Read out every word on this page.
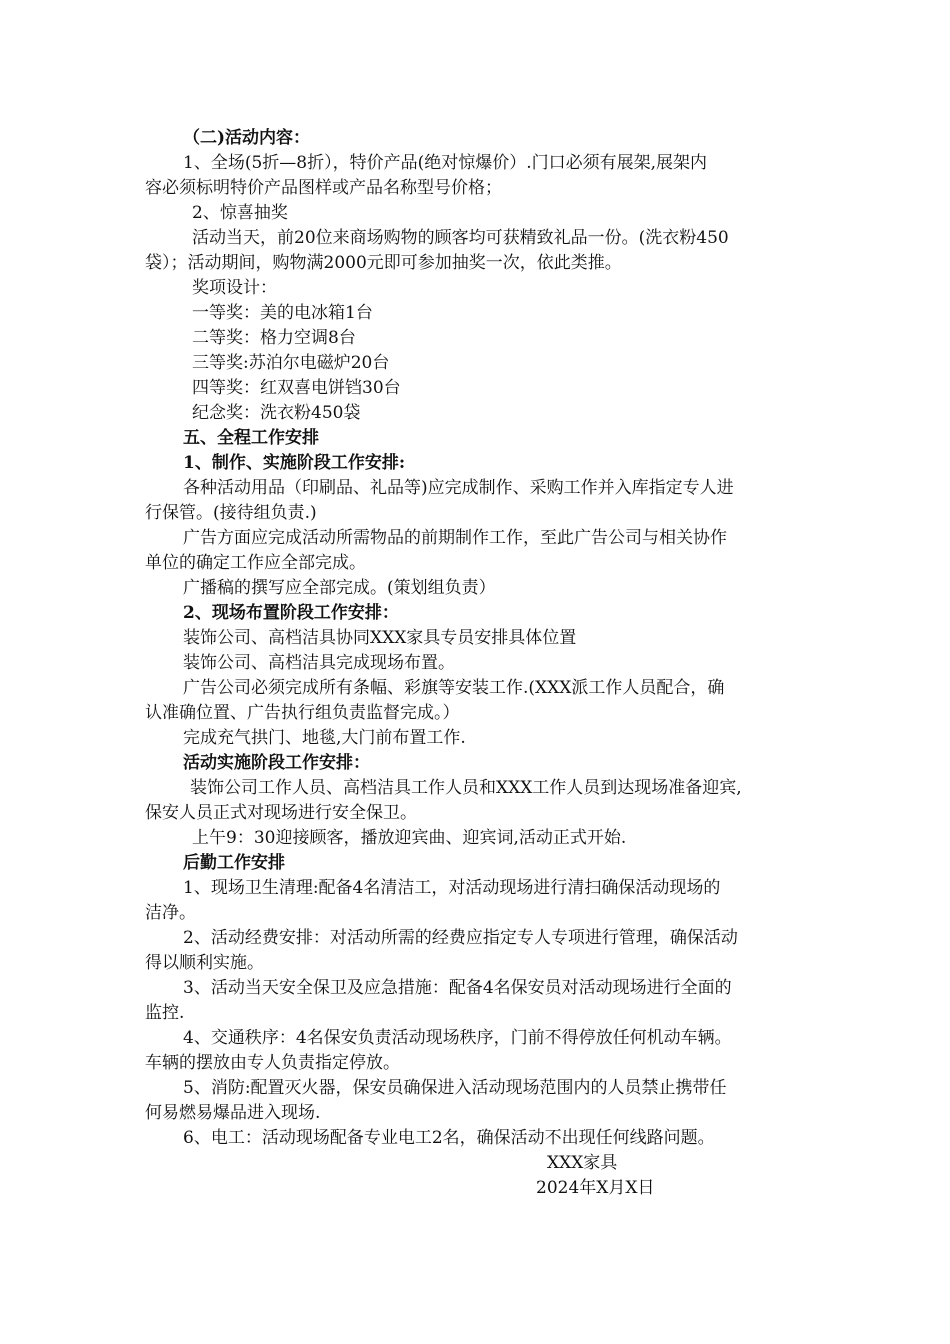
（二)活动内容：
1、全场(5折—8折），特价产品(绝对惊爆价）.门口必须有展架,展架内
容必须标明特价产品图样或产品名称型号价格；
2、惊喜抽奖
活动当天，前20位来商场购物的顾客均可获精致礼品一份。(洗衣粉450
袋）；活动期间，购物满2000元即可参加抽奖一次，依此类推。
奖项设计：
一等奖：美的电冰箱1台
二等奖：格力空调8台
三等奖:苏泊尔电磁炉20台
四等奖：红双喜电饼铛30台
纪念奖：洗衣粉450袋
五、全程工作安排
1、制作、实施阶段工作安排:
各种活动用品（印刷品、礼品等)应完成制作、采购工作并入库指定专人进
行保管。(接待组负责.)
广告方面应完成活动所需物品的前期制作工作，至此广告公司与相关协作
单位的确定工作应全部完成。
广播稿的撰写应全部完成。(策划组负责）
2、现场布置阶段工作安排：
装饰公司、高档洁具协同XXX家具专员安排具体位置
装饰公司、高档洁具完成现场布置。
广告公司必须完成所有条幅、彩旗等安装工作.(XXX派工作人员配合，确
认准确位置、广告执行组负责监督完成。）
完成充气拱门、地毯,大门前布置工作.
活动实施阶段工作安排：
装饰公司工作人员、高档洁具工作人员和XXX工作人员到达现场准备迎宾,
保安人员正式对现场进行安全保卫。
上午9：30迎接顾客，播放迎宾曲、迎宾词,活动正式开始.
后勤工作安排
1、现场卫生清理:配备4名清洁工，对活动现场进行清扫确保活动现场的
洁净。
2、活动经费安排：对活动所需的经费应指定专人专项进行管理，确保活动
得以顺利实施。
3、活动当天安全保卫及应急措施：配备4名保安员对活动现场进行全面的
监控.
4、交通秩序：4名保安负责活动现场秩序，门前不得停放任何机动车辆。
车辆的摆放由专人负责指定停放。
5、消防:配置灭火器，保安员确保进入活动现场范围内的人员禁止携带任
何易燃易爆品进入现场.
6、电工：活动现场配备专业电工2名，确保活动不出现任何线路问题。
XXX家具
2024年X月X日
